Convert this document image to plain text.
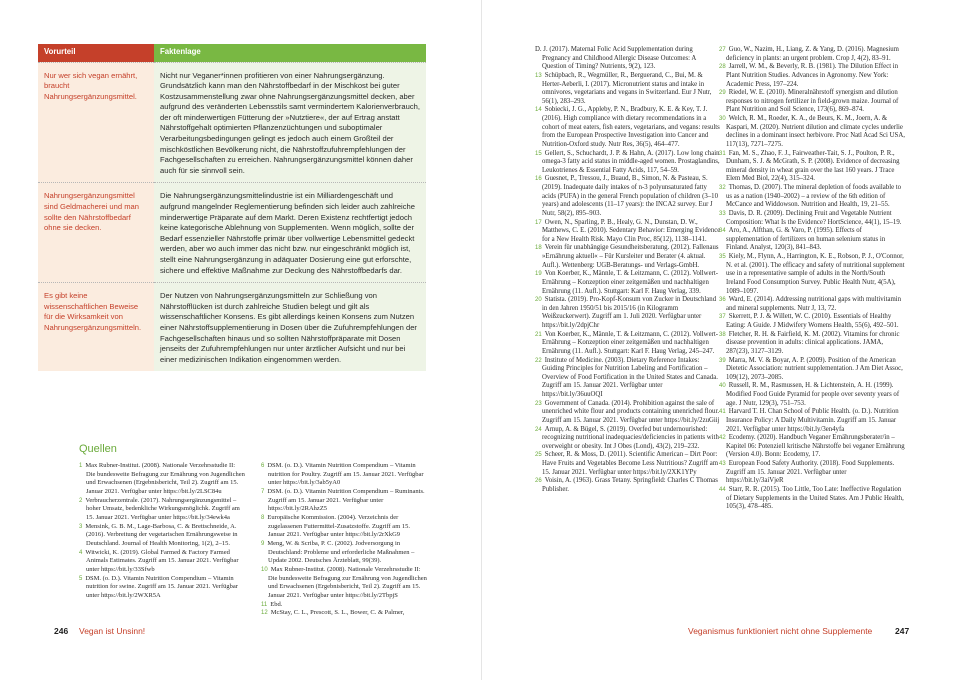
Vorurteil	Faktenlage
Nur wer sich vegan ernährt, braucht Nahrungsergänzungsmittel.	Nicht nur Veganer*innen profitieren von einer Nahrungsergänzung. Grundsätzlich kann man den Nährstoffbedarf in der Mischkost bei guter Kostzusammenstellung zwar ohne Nahrungsergänzungsmittel decken, aber aufgrund des veränderten Lebensstils samt vermindertem Kalorienverbrauch, der oft minderwertigen Fütterung der »Nutztiere«, der auf Ertrag anstatt Nährstoffgehalt optimierten Pflanzenzüchtungen und suboptimaler Verarbeitungsbedingungen gelingt es jedoch auch einem Großteil der mischköstlichen Bevölkerung nicht, die Nährstoffzufuhrempfehlungen der Fachgesellschaften zu erreichen. Nahrungsergänzungsmittel können daher auch für sie sinnvoll sein.
Nahrungsergänzungsmittel sind Geldmacherei und man sollte den Nährstoffbedarf ohne sie decken.	Die Nahrungsergänzungsmittelindustrie ist ein Milliardengeschäft und aufgrund mangelnder Reglementierung befinden sich leider auch zahlreiche minderwertige Präparate auf dem Markt. Deren Existenz rechtfertigt jedoch keine kategorische Ablehnung von Supplementen. Wenn möglich, sollte der Bedarf essenzieller Nährstoffe primär über vollwertige Lebensmittel gedeckt werden, aber wo auch immer das nicht bzw. nur eingeschränkt möglich ist, stellt eine Nahrungsergänzung in adäquater Dosierung eine gut erforschte, sichere und effektive Maßnahme zur Deckung des Nährstoffbedarfs dar.
Es gibt keine wissenschaftlichen Beweise für die Wirksamkeit von Nahrungsergänzungsmitteln.	Der Nutzen von Nahrungsergänzungsmitteln zur Schließung von Nährstofflücken ist durch zahlreiche Studien belegt und gilt als wissenschaftlicher Konsens. Es gibt allerdings keinen Konsens zum Nutzen einer Nährstoffsupplementierung in Dosen über die Zufuhrempfehlungen der Fachgesellschaften hinaus und so sollten Nährstoffpräparate mit Dosen jenseits der Zufuhrempfehlungen nur unter ärztlicher Aufsicht und nur bei einer medizinischen Indikation eingenommen werden.
Quellen
1 Max Rubner-Institut. (2008). Nationale Verzehrsstudie II: Die bundesweite Befragung zur Ernährung von Jugendlichen und Erwachsenen (Ergebnisbericht, Teil 2). Zugriff am 15. Januar 2021. Verfügbar unter https://bit.ly/2LSC84u
2 Verbraucherzentrale. (2017). Nahrungsergänzungsmittel – hoher Umsatz, bedenkliche Wirkungsmöglichk. Zugriff am 15. Januar 2021. Verfügbar unter https://bit.ly/34ewk4a
3 Mensink, G. B. M., Lage-Barbosa, C. & Brettschneide, A. (2016). Verbreitung der vegetarischen Ernährungsweise in Deutschland. Journal of Health Monitoring, 1(2), 2–15.
4 Witwicki, K. (2019). Global Farmed & Factory Farmed Animals Estimates. Zugriff am 15. Januar 2021. Verfügbar unter https://bit.ly/33Sfwb
5 DSM. (o. D.). Vitamin Nutrition Compendium – Vitamin nutrition for swine. Zugriff am 15. Januar 2021. Verfügbar unter https://bit.ly/2WXR5A
6 DSM. (o. D.). Vitamin Nutrition Compendium – Vitamin nutrition for Poultry. Zugriff am 15. Januar 2021. Verfügbar unter https://bit.ly/3ab5yA0
7 DSM. (o. D.). Vitamin Nutrition Compendium – Ruminants. Zugriff am 15. Januar 2021. Verfügbar unter https://bit.ly/2RAhzZ5
8 Europäische Kommission. (2004). Verzeichnis der zugelassenen Futtermittel-Zusatzstoffe. Zugriff am 15. Januar 2021. Verfügbar unter https://bit.ly/2rXkG9
9 Meng, W. & Scriba, P. C. (2002). Jodversorgung in Deutschland: Probleme und erforderliche Maßnahmen – Update 2002. Deutsches Ärzteblatt, 99(39).
10 Max Rubner-Institut. (2008). Nationale Verzehrsstudie II: Die bundesweite Befragung zur Ernährung von Jugendlichen und Erwachsenen (Ergebnisbericht, Teil 2). Zugriff am 15. Januar 2021. Verfügbar unter https://bit.ly/2TbpjS
11 Ebd.
12 McStay, C. L., Prescott, S. L., Bower, C. & Palmer,
246 Vegan ist Unsinn!
D. J. (2017). Maternal Folic Acid Supplementation during Pregnancy and Childhood Allergic Disease Outcomes: A Question of Timing? Nutrients, 9(2), 123.
13 Schüpbach, R., Wegmüller, R., Berguerand, C., Bui, M. & Herter-Aeberli, I. (2017). Micronutrient status and intake in omnivores, vegetarians and vegans in Switzerland. Eur J Nutr, 56(1), 283–293.
14 Sobiecki, J. G., Appleby, P. N., Bradbury, K. E. & Key, T. J. (2016). High compliance with dietary recommendations in a cohort of meat eaters, fish eaters, vegetarians, and vegans: results from the European Prospective Investigation into Cancer and Nutrition-Oxford study. Nutr Res, 36(5), 464–477.
15 Gellert, S., Schuchardt, J. P. & Hahn, A. (2017). Low long chain omega-3 fatty acid status in middle-aged women. Prostaglandins, Leukotrienes & Essential Fatty Acids, 117, 54–59.
16 Guesnet, P., Tressou, J., Buaud, B., Simon, N. & Pasteau, S. (2019). Inadequate daily intakes of n-3 polyunsaturated fatty acids (PUFA) in the general French population of children (3–10 years) and adolescents (11–17 years): the INCA2 survey. Eur J Nutr, 58(2), 895–903.
17 Owen, N., Sparling, P. B., Healy, G. N., Dunstan, D. W., Matthews, C. E. (2010). Sedentary Behavior: Emerging Evidence for a New Health Risk. Mayo Clin Proc, 85(12), 1138–1141.
18 Verein für unabhängige Gesundheitsberatung. (2012). Fallenaus »Ernährung aktuell« – Für Kursleiter und Berater (4. aktual. Aufl.). Wettenberg: UGB-Beratungs- und Verlags-GmbH.
19 Von Koerber, K., Männle, T. & Leitzmann, C. (2012). Vollwert-Ernährung – Konzeption einer zeitgemäßen und nachhaltigen Ernährung (11. Aufl.). Stuttgart: Karl F. Haug Verlag, 339.
20 Statista. (2019). Pro-Kopf-Konsum von Zucker in Deutschland in den Jahren 1950/51 bis 2015/16 (in Kilogramm Weißzuckerwert). Zugriff am 1. Juli 2020. Verfügbar unter https://bit.ly/2dpjChr
21 Von Koerber, K., Männle, T. & Leitzmann, C. (2012). Vollwert-Ernährung – Konzeption einer zeitgemäßen und nachhaltigen Ernährung (11. Aufl.). Stuttgart: Karl F. Haug Verlag, 245–247.
22 Institute of Medicine. (2003). Dietary Reference Intakes: Guiding Principles for Nutrition Labeling and Fortification – Overview of Food Fortification in the United States and Canada. Zugriff am 15. Januar 2021. Verfügbar unter https://bit.ly/36uuOQI
23 Government of Canada. (2014). Prohibition against the sale of unenriched white flour and products containing unenriched flour. Zugriff am 15. Januar 2021. Verfügbar unter https://bit.ly/2zuGiij
24 Arnup, A. & Bügel, S. (2019). Overfed but undernourished: recognizing nutritional inadequacies/deficiencies in patients with overweight or obesity. Int J Obes (Lond), 43(2), 219–232.
25 Scheer, R. & Moss, D. (2011). Scientific American – Dirt Poor: Have Fruits and Vegetables Become Less Nutritious? Zugriff am 15. Januar 2021. Verfügbar unter https://bit.ly/2XK1YPy
26 Voisin, A. (1963). Grass Tetany. Springfield: Charles C Thomas Publisher.
27 Guo, W., Nazim, H., Liang, Z. & Yang, D. (2016). Magnesium deficiency in plants: an urgent problem. Crop J, 4(2), 83–91.
28 Jarrell, W. M., & Beverly, R. B. (1981). The Dilution Effect in Plant Nutrition Studies. Advances in Agronomy. New York: Academic Press, 197–224.
29 Riedel, W. E. (2010). Mineralnährstoff synergism and dilution responses to nitrogen fertilizer in field-grown maize. Journal of Plant Nutrition and Soil Science, 173(6), 869–874.
30 Welch, R. M., Roeder, K. A., de Beurs, K. M., Joern, A. & Kaspari, M. (2020). Nutrient dilution and climate cycles underlie declines in a dominant insect herbivore. Proc Natl Acad Sci USA, 117(13), 7271–7275.
31 Fan, M. S., Zhao, F. J., Fairweather-Tait, S. J., Poulton, P. R., Dunham, S. J. & McGrath, S. P. (2008). Evidence of decreasing mineral density in wheat grain over the last 160 years. J Trace Elem Med Biol, 22(4), 315–324.
32 Thomas, D. (2007). The mineral depletion of foods available to us as a nation (1940–2002) – a review of the 6th edition of McCance and Widdowson. Nutrition and Health, 19, 21–55.
33 Davis, D. R. (2009). Declining Fruit and Vegetable Nutrient Composition: What Is the Evidence? HortScience, 44(1), 15–19.
34 Aro, A., Alfthan, G. & Varo, P. (1995). Effects of supplementation of fertilizers on human selenium status in Finland. Analyst, 120(3), 841–843.
35 Kiely, M., Flynn, A., Harrington, K. E., Robson, P. J., O'Connor, N. et al. (2001). The efficacy and safety of nutritional supplement use in a representative sample of adults in the North/South Ireland Food Consumption Survey. Public Health Nutr, 4(5A), 1089–1097.
36 Ward, E. (2014). Addressing nutritional gaps with multivitamin and mineral supplements. Nutr J, 13, 72.
37 Skerrett, P. J. & Willett, W. C. (2010). Essentials of Healthy Eating: A Guide. J Midwifery Womens Health, 55(6), 492–501.
38 Fletcher, R. H. & Fairfield, K. M. (2002). Vitamins for chronic disease prevention in adults: clinical applications. JAMA, 287(23), 3127–3129.
39 Marra, M. V. & Boyar, A. P. (2009). Position of the American Dietetic Association: nutrient supplementation. J Am Diet Assoc, 109(12), 2073–2085.
40 Russell, R. M., Rasmussen, H. & Lichtenstein, A. H. (1999). Modified Food Guide Pyramid for people over seventy years of age. J Nutr, 129(3), 751–753.
41 Harvard T. H. Chan School of Public Health. (o. D.). Nutrition Insurance Policy: A Daily Multivitamin. Zugriff am 15. Januar 2021. Verfügbar unter https://bit.ly/3en4yfa
42 Ecodemy. (2020). Handbuch Veganer Ernährungsberater/in – Kapitel 06: Potenziell kritische Nährstoffe bei veganer Ernährung (Version 4.0). Bonn: Ecodemy, 17.
43 European Food Safety Authority. (2018). Food Supplements. Zugriff am 15. Januar 2021. Verfügbar unter https://bit.ly/3aiVjeR
44 Starr, R. R. (2015). Too Little, Too Late: Ineffective Regulation of Dietary Supplements in the United States. Am J Public Health, 105(3), 478–485.
Veganismus funktioniert nicht ohne Supplemente	247
